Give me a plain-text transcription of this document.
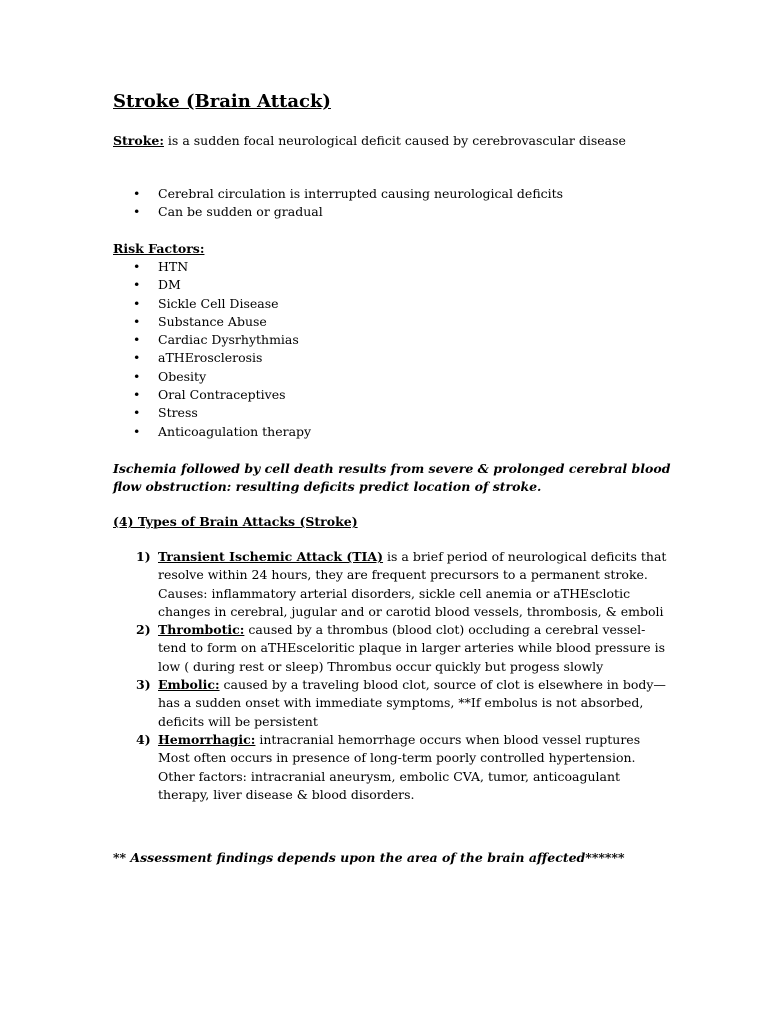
Stroke (Brain Attack)
Stroke: is a sudden focal neurological deficit caused by cerebrovascular disease
• Cerebral circulation is interrupted causing neurological deficits
• Can be sudden or gradual
Risk Factors:
• HTN
• DM
• Sickle Cell Disease
• Substance Abuse
• Cardiac Dysrhythmias
• aTHErosclerosis
• Obesity
• Oral Contraceptives
• Stress
• Anticoagulation therapy
Ischemia followed by cell death results from severe & prolonged cerebral blood flow obstruction: resulting deficits predict location of stroke.
(4) Types of Brain Attacks (Stroke)
1) Transient Ischemic Attack (TIA) is a brief period of neurological deficits that resolve within 24 hours, they are frequent precursors to a permanent stroke.
Causes: inflammatory arterial disorders, sickle cell anemia or aTHEsclotic changes in cerebral, jugular and or carotid blood vessels, thrombosis, & emboli
2) Thrombotic: caused by a thrombus (blood clot) occluding a cerebral vessel- tend to form on aTHEsceloritic plaque in larger arteries while blood pressure is low ( during rest or sleep) Thrombus occur quickly but progess slowly
3) Embolic: caused by a traveling blood clot, source of clot is elsewhere in body—has a sudden onset with immediate symptoms, **If embolus is not absorbed, deficits will be persistent
4) Hemorrhagic: intracranial hemorrhage occurs when blood vessel ruptures Most often occurs in presence of long-term poorly controlled hypertension. Other factors: intracranial aneurysm, embolic CVA, tumor, anticoagulant therapy, liver disease & blood disorders.
** Assessment findings depends upon the area of the brain affected******
